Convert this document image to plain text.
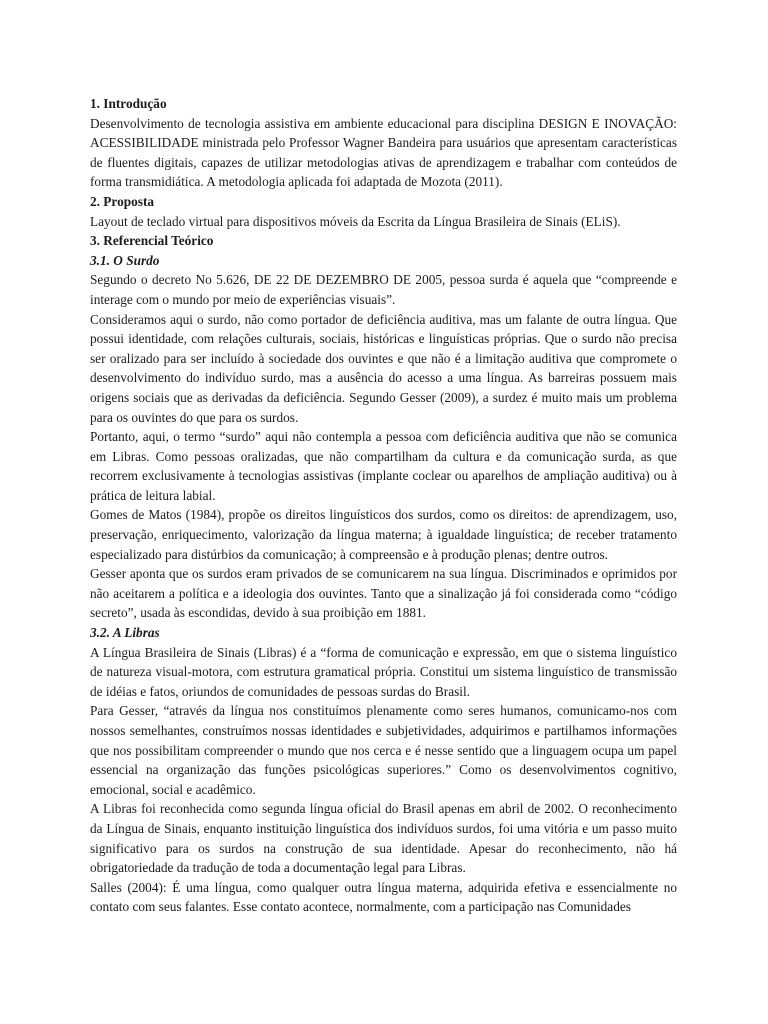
1. Introdução

Desenvolvimento de tecnologia assistiva em ambiente educacional para disciplina DESIGN E INOVAÇÃO: ACESSIBILIDADE ministrada pelo Professor Wagner Bandeira para usuários que apresentam características de fluentes digitais, capazes de utilizar metodologias ativas de aprendizagem e trabalhar com conteúdos de forma transmidiática. A metodologia aplicada foi adaptada de Mozota (2011).

2. Proposta

Layout de teclado virtual para dispositivos móveis da Escrita da Língua Brasileira de Sinais (ELiS).

3. Referencial Teórico

3.1. O Surdo

Segundo o decreto No 5.626, DE 22 DE DEZEMBRO DE 2005, pessoa surda é aquela que “compreende e interage com o mundo por meio de experiências visuais”.

Consideramos aqui o surdo, não como portador de deficiência auditiva, mas um falante de outra língua. Que possui identidade, com relações culturais, sociais, históricas e linguísticas próprias. Que o surdo não precisa ser oralizado para ser incluído à sociedade dos ouvintes e que não é a limitação auditiva que compromete o desenvolvimento do indivíduo surdo, mas a ausência do acesso a uma língua. As barreiras possuem mais origens sociais que as derivadas da deficiência. Segundo Gesser (2009), a surdez é muito mais um problema para os ouvintes do que para os surdos.

Portanto, aqui, o termo “surdo” aqui não contempla a pessoa com deficiência auditiva que não se comunica em Libras. Como pessoas oralizadas, que não compartilham da cultura e da comunicação surda, as que recorrem exclusivamente à tecnologias assistivas (implante coclear ou aparelhos de ampliação auditiva) ou à prática de leitura labial.

Gomes de Matos (1984), propõe os direitos linguísticos dos surdos, como os direitos: de aprendizagem, uso, preservação, enriquecimento, valorização da língua materna; à igualdade linguística; de receber tratamento especializado para distúrbios da comunicação; à compreensão e à produção plenas; dentre outros.

Gesser aponta que os surdos eram privados de se comunicarem na sua língua. Discriminados e oprimidos por não aceitarem a política e a ideologia dos ouvintes. Tanto que a sinalização já foi considerada como “código secreto”, usada às escondidas, devido à sua proibição em 1881.

3.2. A Libras

A Língua Brasileira de Sinais (Libras) é a “forma de comunicação e expressão, em que o sistema linguístico de natureza visual-motora, com estrutura gramatical própria. Constitui um sistema linguístico de transmissão de idéias e fatos, oriundos de comunidades de pessoas surdas do Brasil.

Para Gesser, “através da língua nos constituímos plenamente como seres humanos, comunicamo-nos com nossos semelhantes, construímos nossas identidades e subjetividades, adquirimos e partilhamos informações que nos possibilitam compreender o mundo que nos cerca e é nesse sentido que a linguagem ocupa um papel essencial na organização das funções psicológicas superiores.” Como os desenvolvimentos cognitivo, emocional, social e acadêmico.

A Libras foi reconhecida como segunda língua oficial do Brasil apenas em abril de 2002. O reconhecimento da Língua de Sinais, enquanto instituição linguística dos indivíduos surdos, foi uma vitória e um passo muito significativo para os surdos na construção de sua identidade. Apesar do reconhecimento, não há obrigatoriedade da tradução de toda a documentação legal para Libras.

Salles (2004): É uma língua, como qualquer outra língua materna, adquirida efetiva e essencialmente no contato com seus falantes. Esse contato acontece, normalmente, com a participação nas Comunidades
